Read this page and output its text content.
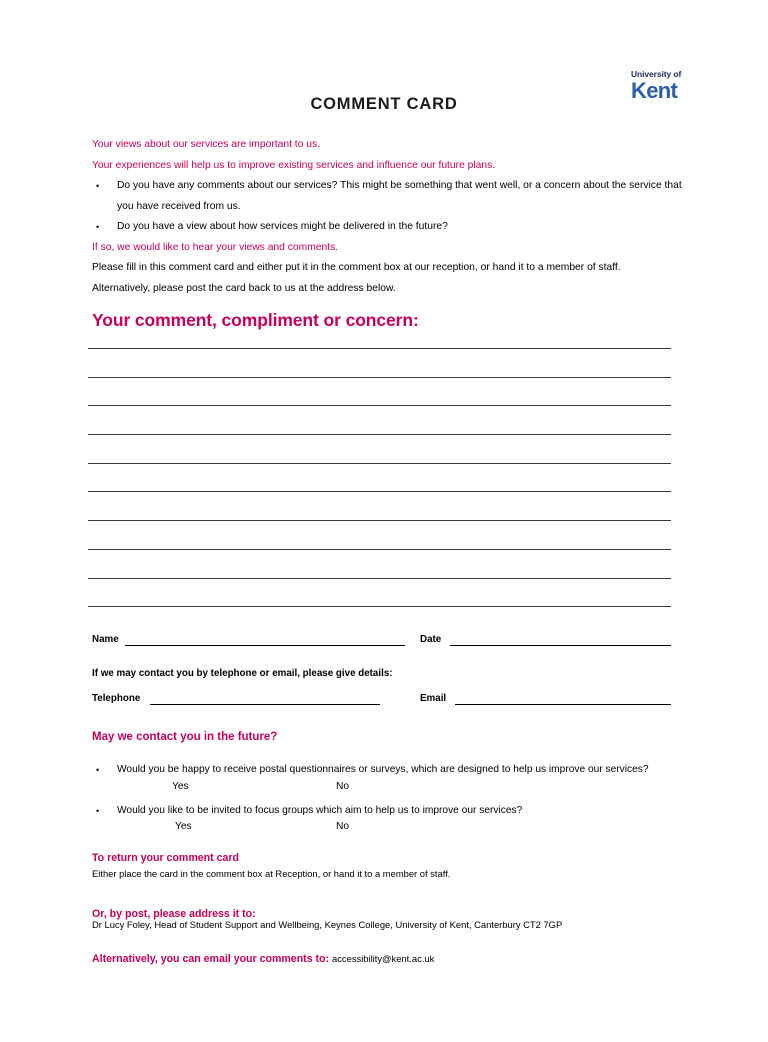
University of
Kent
COMMENT CARD
Your views about our services are important to us.
Your experiences will help us to improve existing services and influence our future plans.
• Do you have any comments about our services? This might be something that went well, or a concern about the service that you have received from us.
• Do you have a view about how services might be delivered in the future?
If so, we would like to hear your views and comments.
Please fill in this comment card and either put it in the comment box at our reception, or hand it to a member of staff.
Alternatively, please post the card back to us at the address below.
Your comment, compliment or concern:
Name	Date
If we may contact you by telephone or email, please give details:
Telephone	Email
May we contact you in the future?
• Would you be happy to receive postal questionnaires or surveys, which are designed to help us improve our services?
Yes	No
• Would you like to be invited to focus groups which aim to help us to improve our services?
Yes	No
To return your comment card
Either place the card in the comment box at Reception, or hand it to a member of staff.
Or, by post, please address it to:
Dr Lucy Foley, Head of Student Support and Wellbeing, Keynes College, University of Kent, Canterbury CT2 7GP
Alternatively, you can email your comments to: accessibility@kent.ac.uk
